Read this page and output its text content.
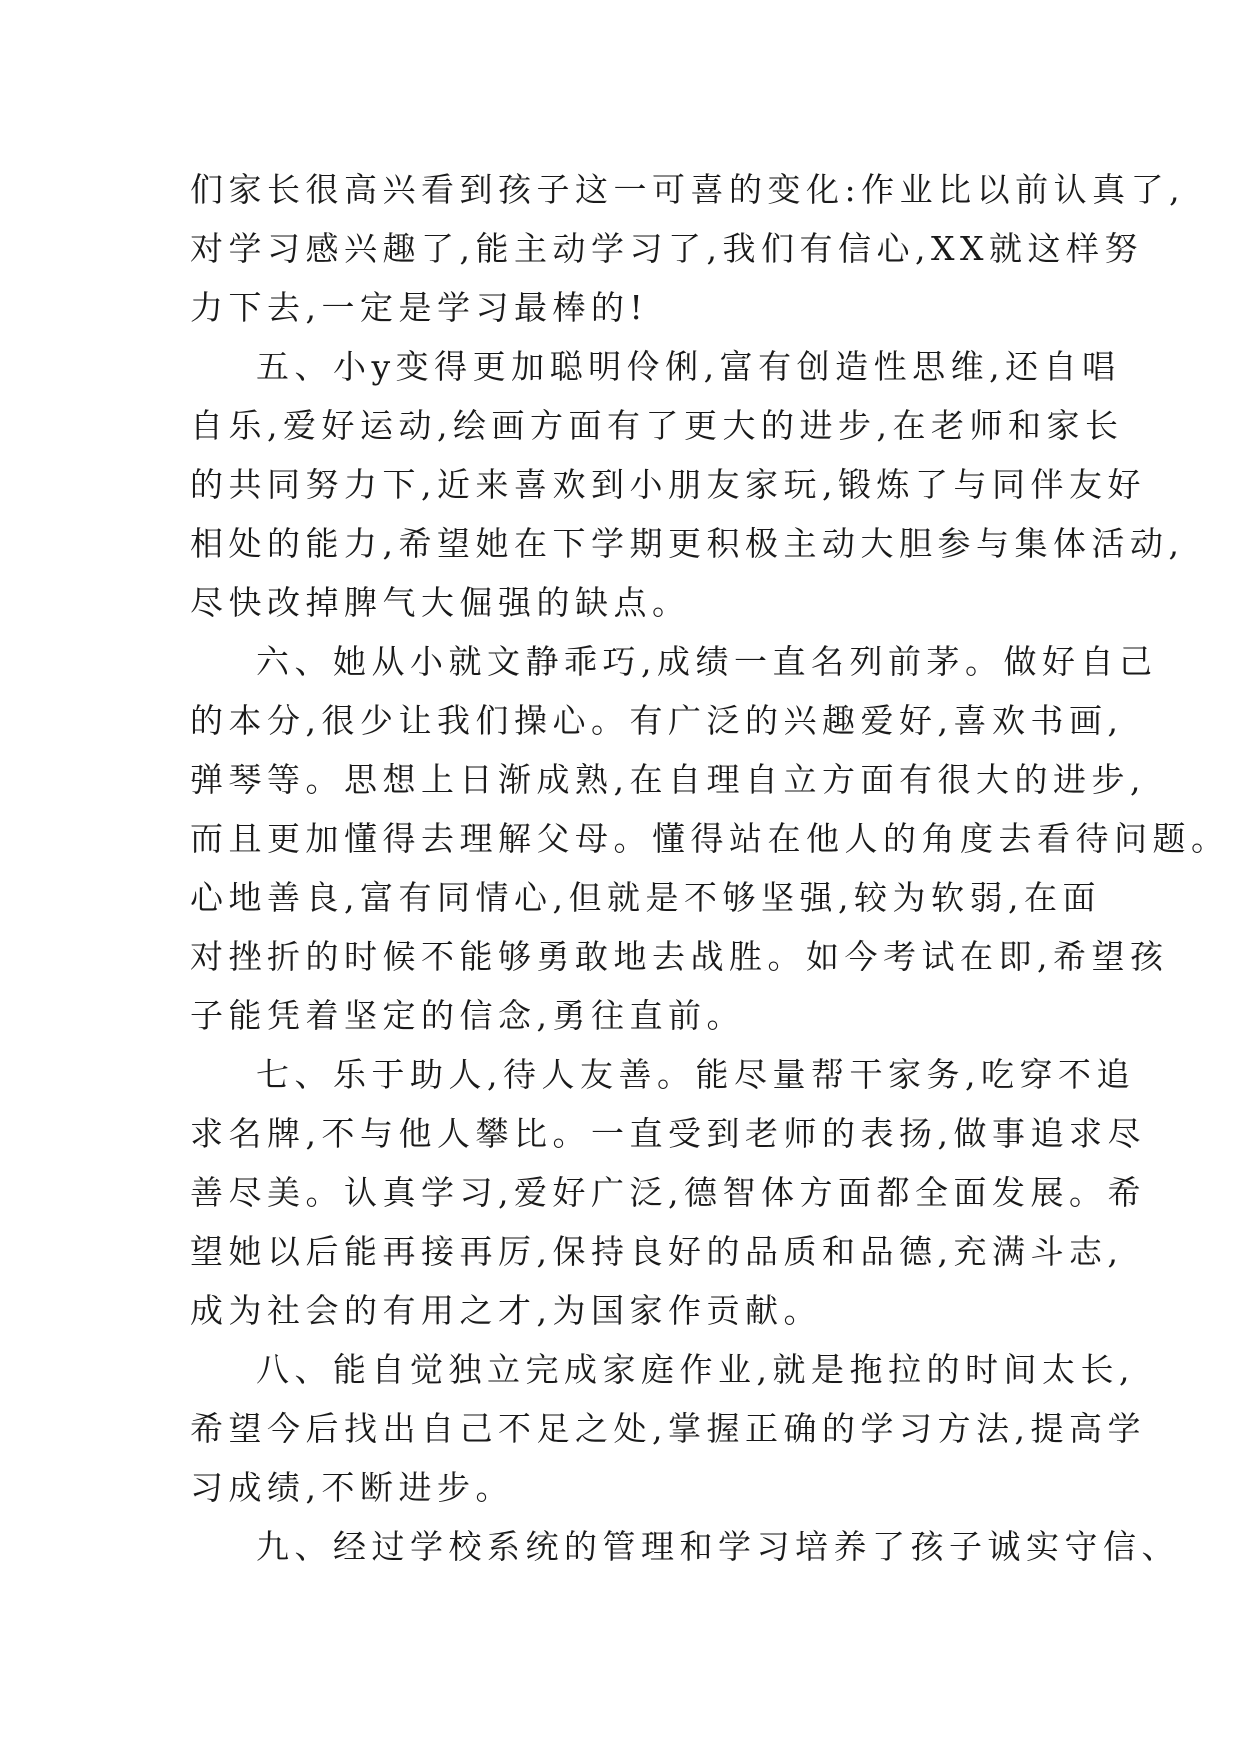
们家长很高兴看到孩子这一可喜的变化:作业比以前认真了,
对学习感兴趣了,能主动学习了,我们有信心,XX就这样努
力下去,一定是学习最棒的!
五、小y变得更加聪明伶俐,富有创造性思维,还自唱
自乐,爱好运动,绘画方面有了更大的进步,在老师和家长
的共同努力下,近来喜欢到小朋友家玩,锻炼了与同伴友好
相处的能力,希望她在下学期更积极主动大胆参与集体活动,
尽快改掉脾气大倔强的缺点。
六、她从小就文静乖巧,成绩一直名列前茅。做好自己
的本分,很少让我们操心。有广泛的兴趣爱好,喜欢书画,
弹琴等。思想上日渐成熟,在自理自立方面有很大的进步,
而且更加懂得去理解父母。懂得站在他人的角度去看待问题。
心地善良,富有同情心,但就是不够坚强,较为软弱,在面
对挫折的时候不能够勇敢地去战胜。如今考试在即,希望孩
子能凭着坚定的信念,勇往直前。
七、乐于助人,待人友善。能尽量帮干家务,吃穿不追
求名牌,不与他人攀比。一直受到老师的表扬,做事追求尽
善尽美。认真学习,爱好广泛,德智体方面都全面发展。希
望她以后能再接再厉,保持良好的品质和品德,充满斗志,
成为社会的有用之才,为国家作贡献。
八、能自觉独立完成家庭作业,就是拖拉的时间太长,
希望今后找出自己不足之处,掌握正确的学习方法,提高学
习成绩,不断进步。
九、经过学校系统的管理和学习培养了孩子诚实守信、
